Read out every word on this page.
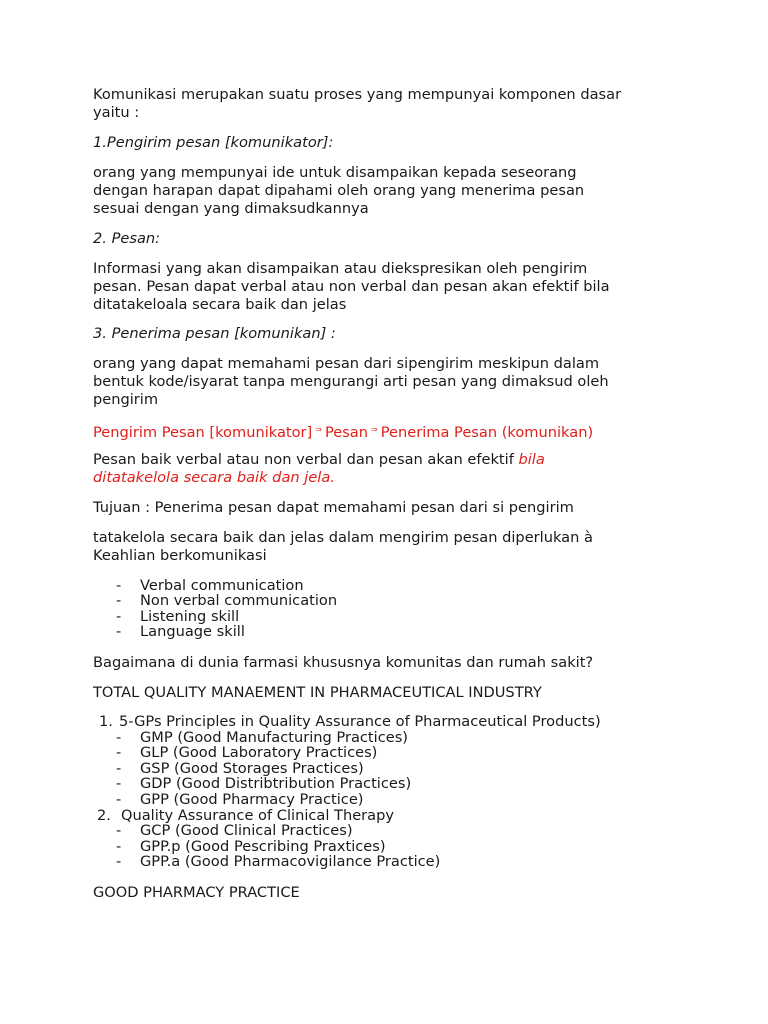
Komunikasi merupakan suatu proses yang mempunyai komponen dasar

yaitu :

1.Pengirim pesan [komunikator]:

orang yang mempunyai ide untuk disampaikan kepada seseorang

dengan harapan dapat dipahami oleh orang yang menerima pesan

sesuai dengan yang dimaksudkannya

2. Pesan:

Informasi yang akan disampaikan atau diekspresikan oleh pengirim

pesan. Pesan dapat verbal atau non verbal dan pesan akan efektif bila

ditatakeloala secara baik dan jelas

3. Penerima pesan [komunikan] :

orang yang dapat memahami pesan dari sipengirim meskipun dalam

bentuk kode/isyarat tanpa mengurangi arti pesan yang dimaksud oleh

pengirim

Pengirim Pesan [komunikator] ⇒ Pesan ⇒ Penerima Pesan (komunikan)

Pesan baik verbal atau non verbal dan pesan akan efektif bila

ditatakelola secara baik dan jela.

Tujuan : Penerima pesan dapat memahami pesan dari si pengirim

tatakelola secara baik dan jelas dalam mengirim pesan diperlukan à

Keahlian berkomunikasi

- Verbal communication
- Non verbal communication
- Listening skill
- Language skill

Bagaimana di dunia farmasi khususnya komunitas dan rumah sakit?

TOTAL QUALITY MANAEMENT IN PHARMACEUTICAL INDUSTRY

1. 5-GPs Principles in Quality Assurance of Pharmaceutical Products)
- GMP (Good Manufacturing Practices)
- GLP (Good Laboratory Practices)
- GSP (Good Storages Practices)
- GDP (Good Distribtribution Practices)
- GPP (Good Pharmacy Practice)
2. Quality Assurance of Clinical Therapy
- GCP (Good Clinical Practices)
- GPP.p (Good Pescribing Praxtices)
- GPP.a (Good Pharmacovigilance Practice)

GOOD PHARMACY PRACTICE
